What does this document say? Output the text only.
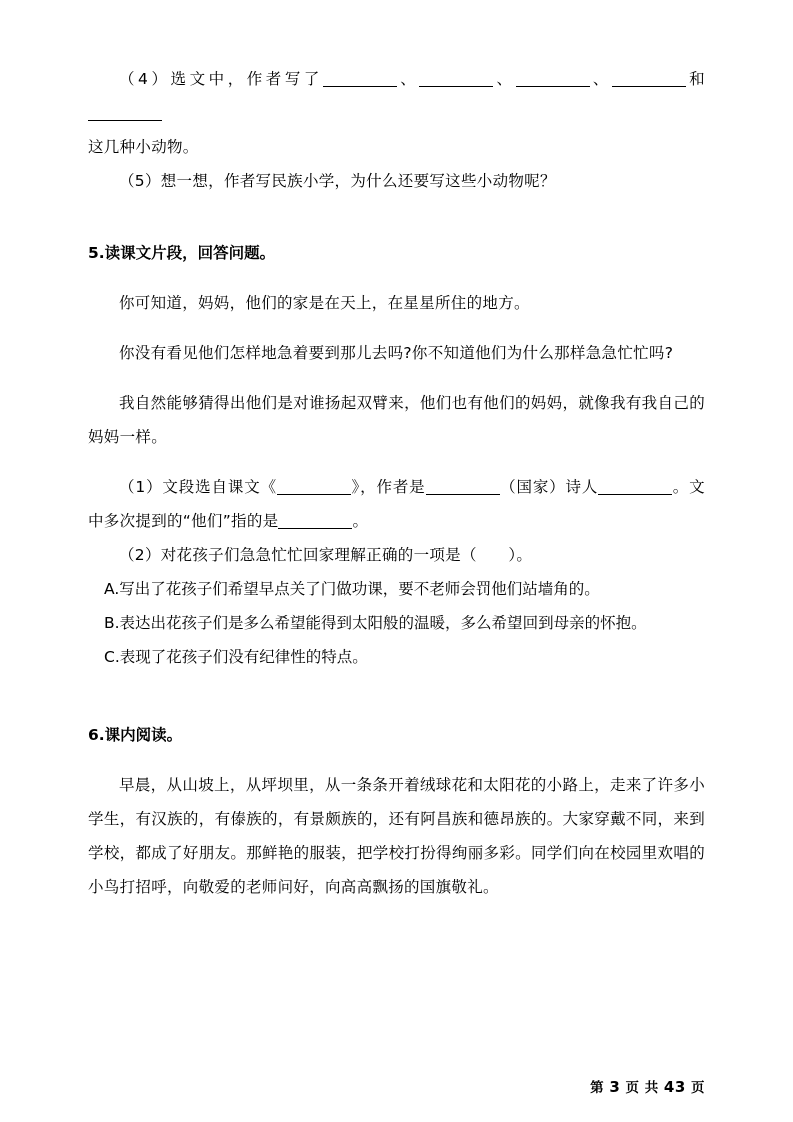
（4）选文中，作者写了	、	、	、	和

这几种小动物。

（5）想一想，作者写民族小学，为什么还要写这些小动物呢？

5.读课文片段，回答问题。

你可知道，妈妈，他们的家是在天上，在星星所住的地方。

你没有看见他们怎样地急着要到那儿去吗?你不知道他们为什么那样急急忙忙吗?

我自然能够猜得出他们是对谁扬起双臂来，他们也有他们的妈妈，就像我有我自己的妈妈一样。

（1）文段选自课文《	》，作者是	（国家）诗人	。文中多次提到的“他们”指的是	。

（2）对花孩子们急急忙忙回家理解正确的一项是（　　）。

A.写出了花孩子们希望早点关了门做功课，要不老师会罚他们站墙角的。

B.表达出花孩子们是多么希望能得到太阳般的温暖，多么希望回到母亲的怀抱。

C.表现了花孩子们没有纪律性的特点。

6.课内阅读。

早晨，从山坡上，从坪坝里，从一条条开着绒球花和太阳花的小路上，走来了许多小学生，有汉族的，有傣族的，有景颇族的，还有阿昌族和德昂族的。大家穿戴不同，来到学校，都成了好朋友。那鲜艳的服装，把学校打扮得绚丽多彩。同学们向在校园里欢唱的小鸟打招呼，向敬爱的老师问好，向高高飘扬的国旗敬礼。

第 3 页 共 43 页
